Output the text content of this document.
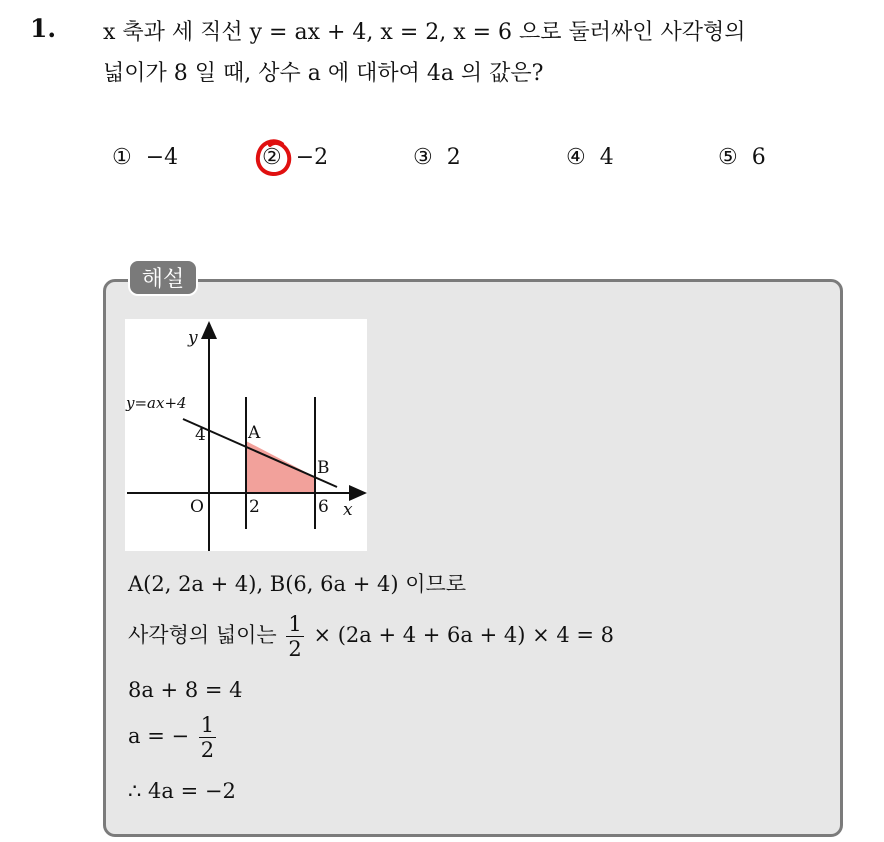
1. x 축과 세 직선 y = ax + 4, x = 2, x = 6 으로 둘러싸인 사각형의
넓이가 8 일 때, 상수 a 에 대하여 4a 의 값은?
① −4	② −2	③ 2	④ 4	⑤ 6
해설
y
x
y=ax+4
O
4 A
B
2	6
A(2, 2a + 4), B(6, 6a + 4) 이므로
사각형의 넓이는 $\frac{1}{2} \times (2a + 4 + 6a + 4) \times 4 = 8$
8a + 8 = 4
a = − $\frac{1}{2}$
∴ 4a = −2
